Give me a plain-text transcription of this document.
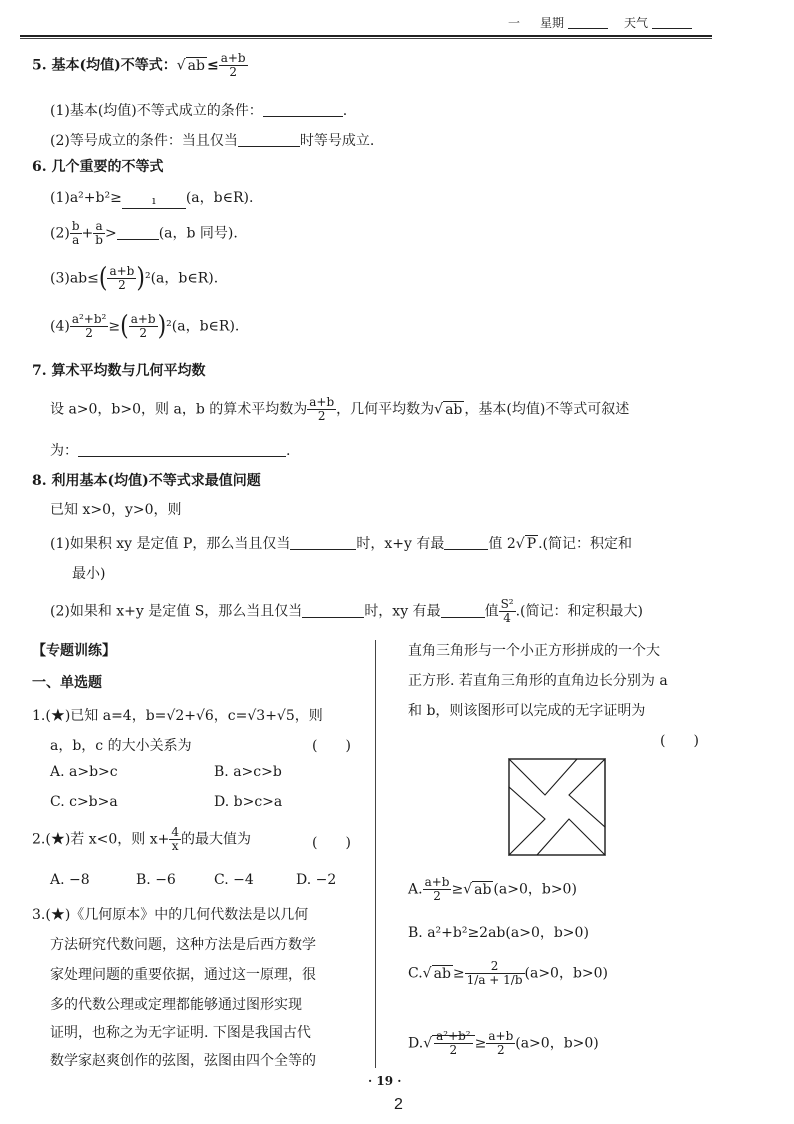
一 星期	天气
5. 基本(均值)不等式：√ ab ≤ $\frac{a+b}{2}$
(1)基本(均值)不等式成立的条件：	.
(2)等号成立的条件：当且仅当	时等号成立.
6. 几个重要的不等式
(1)a²+b²≥	ı (a，b∈R).
$(2) \frac{b}{a} + \frac{a}{b}$ >	(a，b 同号).
$(3)ab\le( \frac{a+b}{2} )^2(a$，b∈R).
$(4) \frac{\text{a²+b²}}{2}$ ≥( $\frac{a+b}{2} )^2(a$，b∈R).
7. 算术平均数与几何平均数
设 a>0，b>0，则 a，b 的算术平均数为 $\frac{a+b}{2}$ ，几何平均数为√ ab ，基本(均值)不等式可叙述
为：	.
8. 利用基本(均值)不等式求最值问题
已知 x>0，y>0，则
(1)如果积 xy 是定值 P，那么当且仅当	时，x+y 有最	值 2√ P .(简记：积定和
最小)
(2)如果和 x+y 是定值 S，那么当且仅当	时，xy 有最	值 $\frac{\text{S²}}{4}$ .(简记：和定积最大)
【专题训练】
一、单选题
1.(★)已知 a=4，b=√2+√6，c=√3+√5，则
a，b，c 的大小关系为	(　　)
A. a>b>c	B. a>c>b
C. c>b>a	D. b>c>a
2.(★)若 x<0，则 $x+ \frac{4}{x}$ 的最大值为	(　　)
A. −8	B. −6	C. −4	D. −2
3.(★)《几何原本》中的几何代数法是以几何
方法研究代数问题，这种方法是后西方数学
家处理问题的重要依据，通过这一原理，很
多的代数公理或定理都能够通过图形实现
证明，也称之为无字证明. 下图是我国古代
数学家赵爽创作的弦图，弦图由四个全等的
直角三角形与一个小正方形拼成的一个大
正方形. 若直角三角形的直角边长分别为 a
和 b，则该图形可以完成的无字证明为
(　　)
A. $\frac{a+b}{2}$ ≥√ ab (a>0，b>0)
B. a²+b²≥2ab(a>0，b>0)
C.√ ab ≥ $\frac{2}{1/a + 1/b} (a>0$，b>0)
$D.√ \frac{\text{a²+b²}}{2} \ge \frac{a+b}{2} (a>0$，b>0)
· 19 ·
2
